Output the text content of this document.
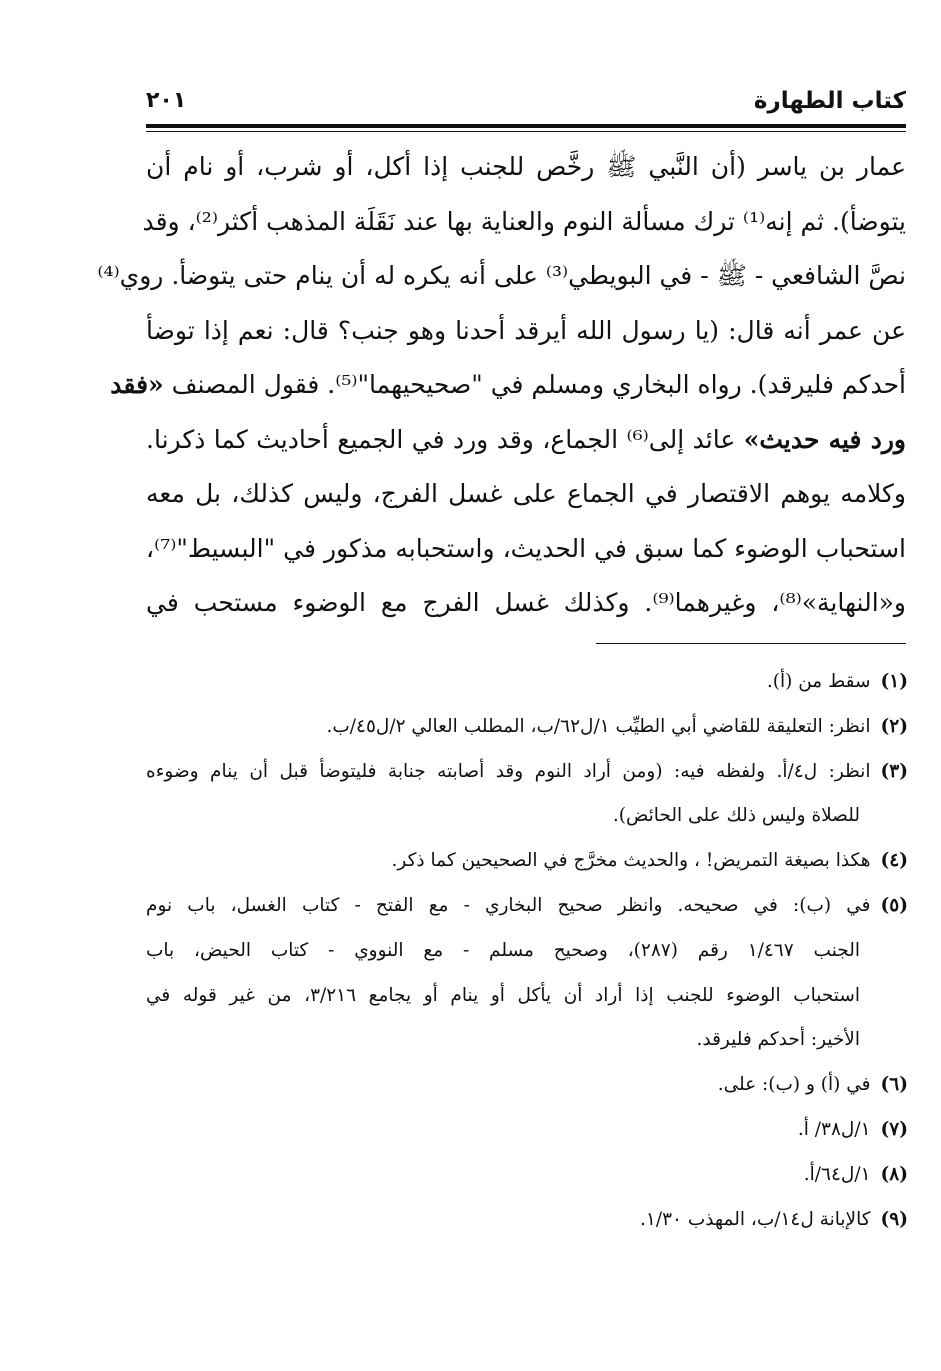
كتاب الطهارة
٢٠١
عمار بن ياسر (أن النَّبي ﷺ رخَّص للجنب إذا أكل، أو شرب، أو نام أن
يتوضأ). ثم إنه⁽¹⁾ ترك مسألة النوم والعناية بها عند نَقَلَة المذهب أكثر⁽²⁾، وقد
نصَّ الشافعي - ﷺ - في البويطي⁽³⁾ على أنه يكره له أن ينام حتى يتوضأ. روي⁽⁴⁾
عن عمر أنه قال: (يا رسول الله أيرقد أحدنا وهو جنب؟ قال: نعم إذا توضأ
أحدكم فليرقد). رواه البخاري ومسلم في "صحيحيهما"⁽⁵⁾. فقول المصنف «فقد
ورد فيه حديث» عائد إلى⁽⁶⁾ الجماع، وقد ورد في الجميع أحاديث كما ذكرنا.
وكلامه يوهم الاقتصار في الجماع على غسل الفرج، وليس كذلك، بل معه
استحباب الوضوء كما سبق في الحديث، واستحبابه مذكور في "البسيط"⁽⁷⁾،
و«النهاية»⁽⁸⁾، وغيرهما⁽⁹⁾. وكذلك غسل الفرج مع الوضوء مستحب في
(١)سقط من (أ).
(٢)انظر: التعليقة للقاضي أبي الطيِّب ١/ل٦٢/ب، المطلب العالي ٢/ل٤٥/ب.
(٣)انظر: ل٤/أ. ولفظه فيه: (ومن أراد النوم وقد أصابته جنابة فليتوضأ قبل أن ينام وضوءه
للصلاة وليس ذلك على الحائض).
(٤)هكذا بصيغة التمريض! ، والحديث مخرَّج في الصحيحين كما ذكر.
(٥)في (ب): في صحيحه. وانظر صحيح البخاري - مع الفتح - كتاب الغسل، باب نوم
الجنب ١/٤٦٧ رقم (٢٨٧)، وصحيح مسلم - مع النووي - كتاب الحيض، باب
استحباب الوضوء للجنب إذا أراد أن يأكل أو ينام أو يجامع ٣/٢١٦، من غير قوله في
الأخير: أحدكم فليرقد.
(٦)في (أ) و (ب): على.
(٧)١/ل٣٨/ أ.
(٨)١/ل٦٤/أ.
(٩)كالإبانة ل١٤/ب، المهذب ١/٣٠.
